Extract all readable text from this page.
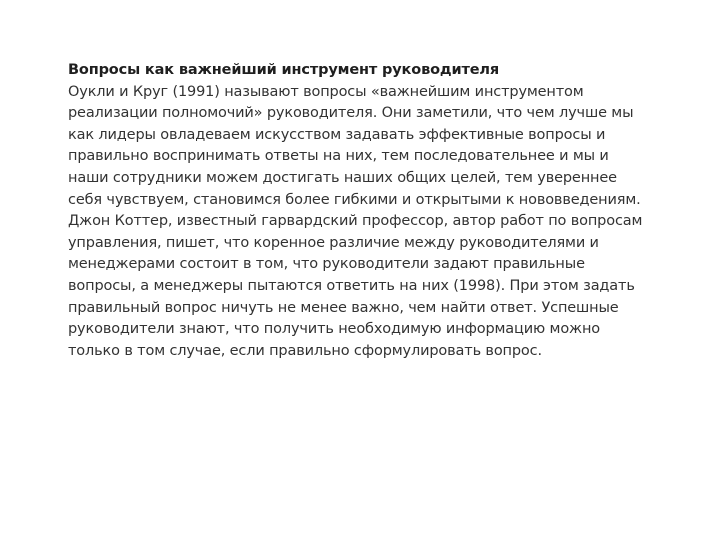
Вопросы как важнейший инструмент руководителя
Оукли и Круг (1991) называют вопросы «важнейшим инструментом
реализации полномочий» руководителя. Они заметили, что чем лучше мы
как лидеры овладеваем искусством задавать эффективные вопросы и
правильно воспринимать ответы на них, тем последовательнее и мы и
наши сотрудники можем достигать наших общих целей, тем увереннее
себя чувствуем, становимся более гибкими и открытыми к нововведениям.
Джон Коттер, известный гарвардский профессор, автор работ по вопросам
управления, пишет, что коренное различие между руководителями и
менеджерами состоит в том, что руководители задают правильные
вопросы, а менеджеры пытаются ответить на них (1998). При этом задать
правильный вопрос ничуть не менее важно, чем найти ответ. Успешные
руководители знают, что получить необходимую информацию можно
только в том случае, если правильно сформулировать вопрос.
